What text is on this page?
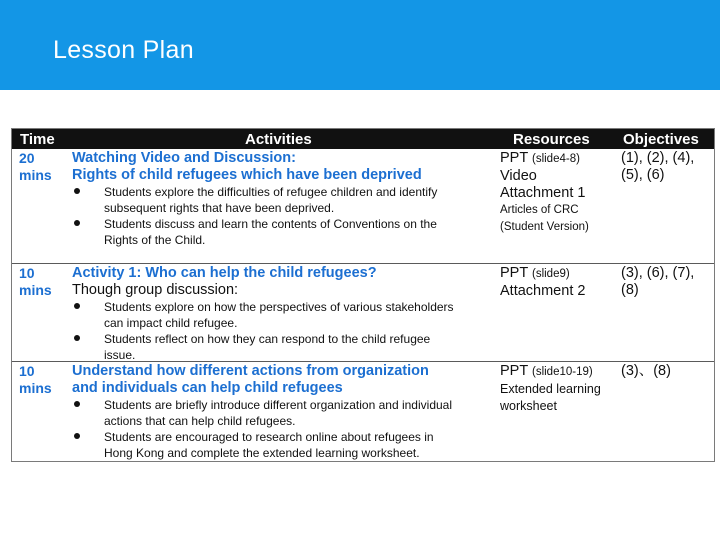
Lesson Plan
Time	Activities	Resources Objectives
20
mins
Watching Video and Discussion:
Rights of child refugees which have been deprived
Students explore the difficulties of refugee children and identify
subsequent rights that have been deprived.
Students discuss and learn the contents of Conventions on the
Rights of the Child.
PPT (slide4-8)
Video
Attachment 1
Articles of CRC
(Student Version)
(1), (2), (4),
(5), (6)
10
mins
Activity 1: Who can help the child refugees?
Though group discussion:
Students explore on how the perspectives of various stakeholders
can impact child refugee.
Students reflect on how they can respond to the child refugee
issue.
PPT (slide9)
Attachment 2
(3), (6), (7),
(8)
10
mins
Understand how different actions from organization
and individuals can help child refugees
Students are briefly introduce different organization and individual
actions that can help child refugees.
Students are encouraged to research online about refugees in
Hong Kong and complete the extended learning worksheet.
PPT (slide10-19)
Extended learning
worksheet
(3)、(8)
